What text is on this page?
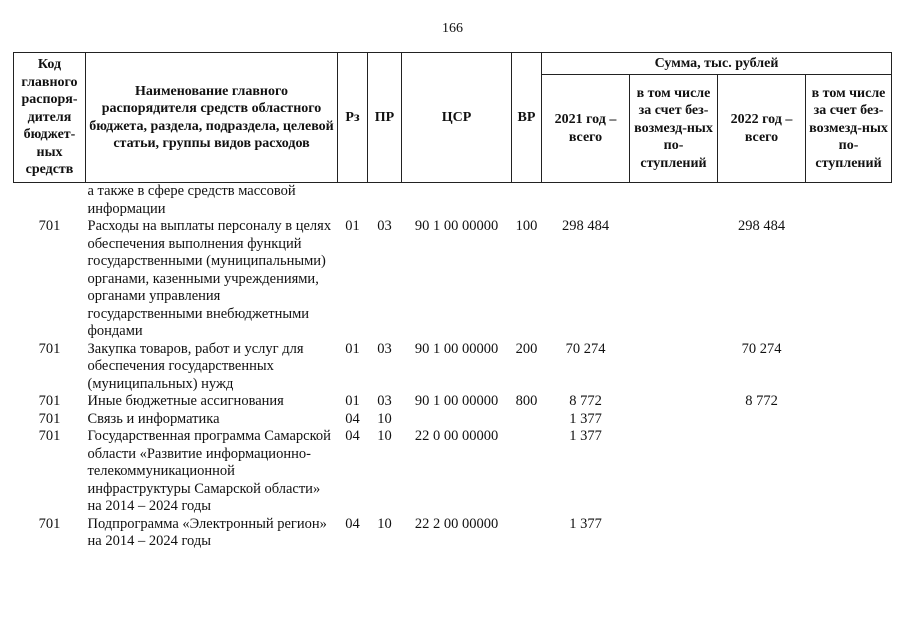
166
Код главного распоря-дителя бюджет-ных средств	Наименование главного распорядителя средств областного бюджета, раздела, подраздела, целевой статьи, группы видов расходов	Рз	ПР	ЦСР	ВР	Сумма, тыс. рублей			
						2021 год – всего	в том числе за счет без-возмезд-ных по-ступлений	2022 год – всего	в том числе за счет без-возмезд-ных по-ступлений
	а также в сфере средств массовой информации								
701	Расходы на выплаты персоналу в целях обеспечения выполнения функций государственными (муниципальными) органами, казенными учреждениями, органами управления государственными внебюджетными фондами	01	03	90 1 00 00000	100	298 484		298 484	
701	Закупка товаров, работ и услуг для обеспечения государственных (муниципальных) нужд	01	03	90 1 00 00000	200	70 274		70 274	
701	Иные бюджетные ассигнования	01	03	90 1 00 00000	800	8 772		8 772	
701	Связь и информатика	04	10			1 377			
701	Государственная программа Самарской области «Развитие информационно-телекоммуникационной инфраструктуры Самарской области» на 2014 – 2024 годы	04	10	22 0 00 00000		1 377			
701	Подпрограмма «Электронный регион» на 2014 – 2024 годы	04	10	22 2 00 00000		1 377			
